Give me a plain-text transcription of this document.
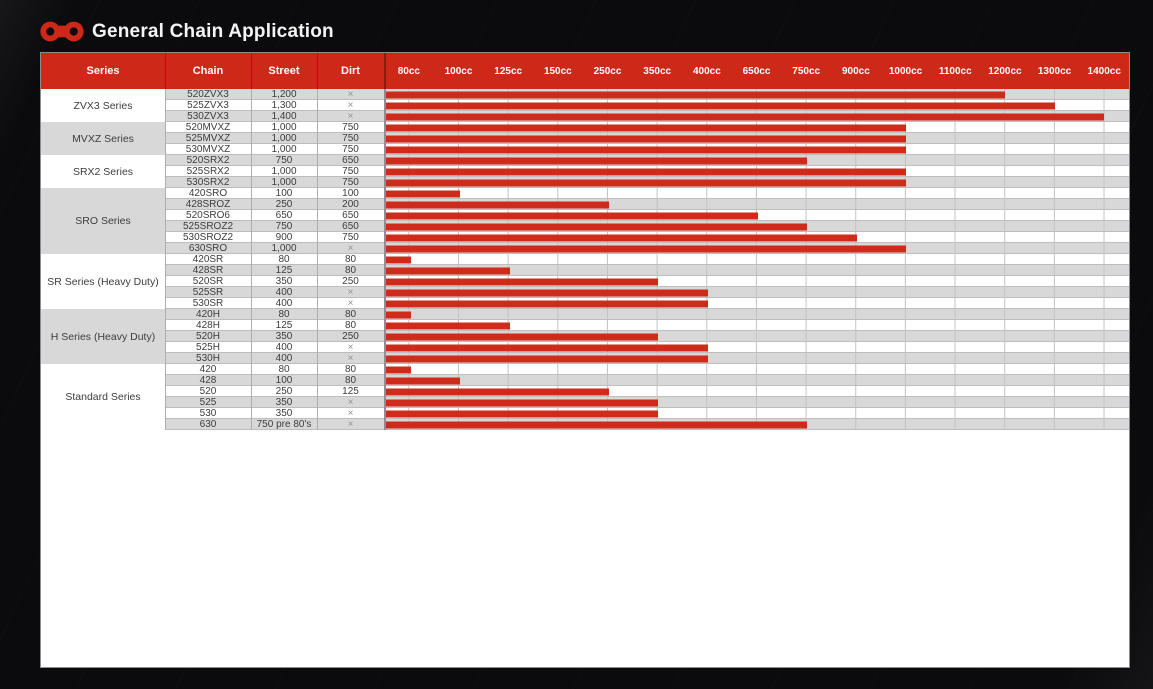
General Chain Application
Series	Chain	Street	Dirt	80cc	100cc	125cc	150cc	250cc	350cc	400cc	650cc	750cc	900cc	1000cc	1100cc	1200cc	1300cc	1400cc
ZVX3 Series
520ZVX3	1,200	×
525ZVX3	1,300	×
530ZVX3	1,400	×
MVXZ Series
520MVXZ	1,000	750
525MVXZ	1,000	750
530MVXZ	1,000	750
SRX2 Series
520SRX2	750	650
525SRX2	1,000	750
530SRX2	1,000	750
SRO Series
420SRO	100	100
428SROZ	250	200
520SRO6	650	650
525SROZ2	750	650
530SROZ2	900	750
630SRO	1,000	×
SR Series (Heavy Duty)
420SR	80	80
428SR	125	80
520SR	350	250
525SR	400	×
530SR	400	×
H Series (Heavy Duty)
420H	80	80
428H	125	80
520H	350	250
525H	400	×
530H	400	×
Standard Series
420	80	80
428	100	80
520	250	125
525	350	×
530	350	×
630	750 pre 80's	×
